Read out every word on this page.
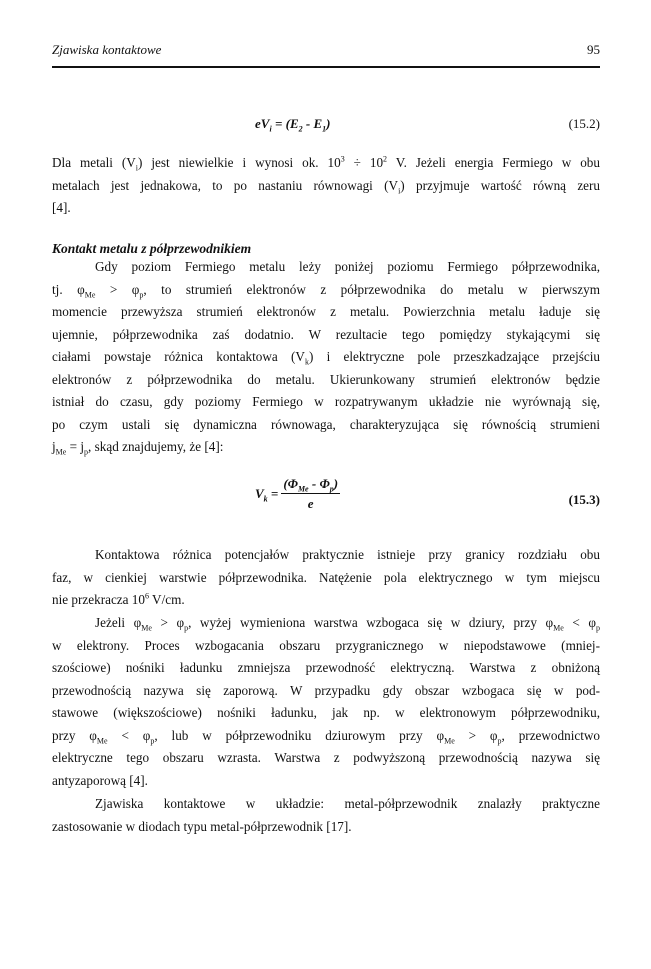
Zjawiska kontaktowe	95
$eV_i = (E_2 - E_1)$	(15.2)
Dla metali $(V_i)$ jest niewielkie i wynosi ok. $10^3 \div 10^2$ V. Jeżeli energia Fermiego w obu
metalach jest jednakowa, to po nastaniu równowagi $(V_i)$ przyjmuje wartość równą zeru
[4].
Kontakt metalu z półprzewodnikiem
Gdy poziom Fermiego metalu leży poniżej poziomu Fermiego półprzewodnika,
tj. $\varphi_{Me} > \varphi_p$, to strumień elektronów z półprzewodnika do metalu w pierwszym
momencie przewyższa strumień elektronów z metalu. Powierzchnia metalu ładuje się
ujemnie, półprzewodnika zaś dodatnio. W rezultacie tego pomiędzy stykającymi się
ciałami powstaje różnica kontaktowa $(V_k)$ i elektryczne pole przeszkadzające przejściu
elektronów z półprzewodnika do metalu. Ukierunkowany strumień elektronów będzie
istniał do czasu, gdy poziomy Fermiego w rozpatrywanym układzie nie wyrównają się,
po czym ustali się dynamiczna równowaga, charakteryzująca się równością strumieni
$j_{Me} = j_p$, skąd znajdujemy, że [4]:
$V_k = \frac{(\Phi_{Me} - \Phi_p)}{e}$	(15.3)
Kontaktowa różnica potencjałów praktycznie istnieje przy granicy rozdziału obu
faz, w cienkiej warstwie półprzewodnika. Natężenie pola elektrycznego w tym miejscu
nie przekracza $10^6$ V/cm.
Jeżeli $\varphi_{Me} > \varphi_p$, wyżej wymieniona warstwa wzbogaca się w dziury, przy $\varphi_{Me} < \varphi_p$
w elektrony. Proces wzbogacania obszaru przygranicznego w niepodstawowe (mniej-
szościowe) nośniki ładunku zmniejsza przewodność elektryczną. Warstwa z obniżoną
przewodnością nazywa się zaporową. W przypadku gdy obszar wzbogaca się w pod-
stawowe (większościowe) nośniki ładunku, jak np. w elektronowym półprzewodniku,
przy $\varphi_{Me} < \varphi_p$, lub w półprzewodniku dziurowym przy $\varphi_{Me} > \varphi_p$, przewodnictwo
elektryczne tego obszaru wzrasta. Warstwa z podwyższoną przewodnością nazywa się
antyzaporową [4].
Zjawiska kontaktowe w układzie: metal-półprzewodnik znalazły praktyczne
zastosowanie w diodach typu metal-półprzewodnik [17].
